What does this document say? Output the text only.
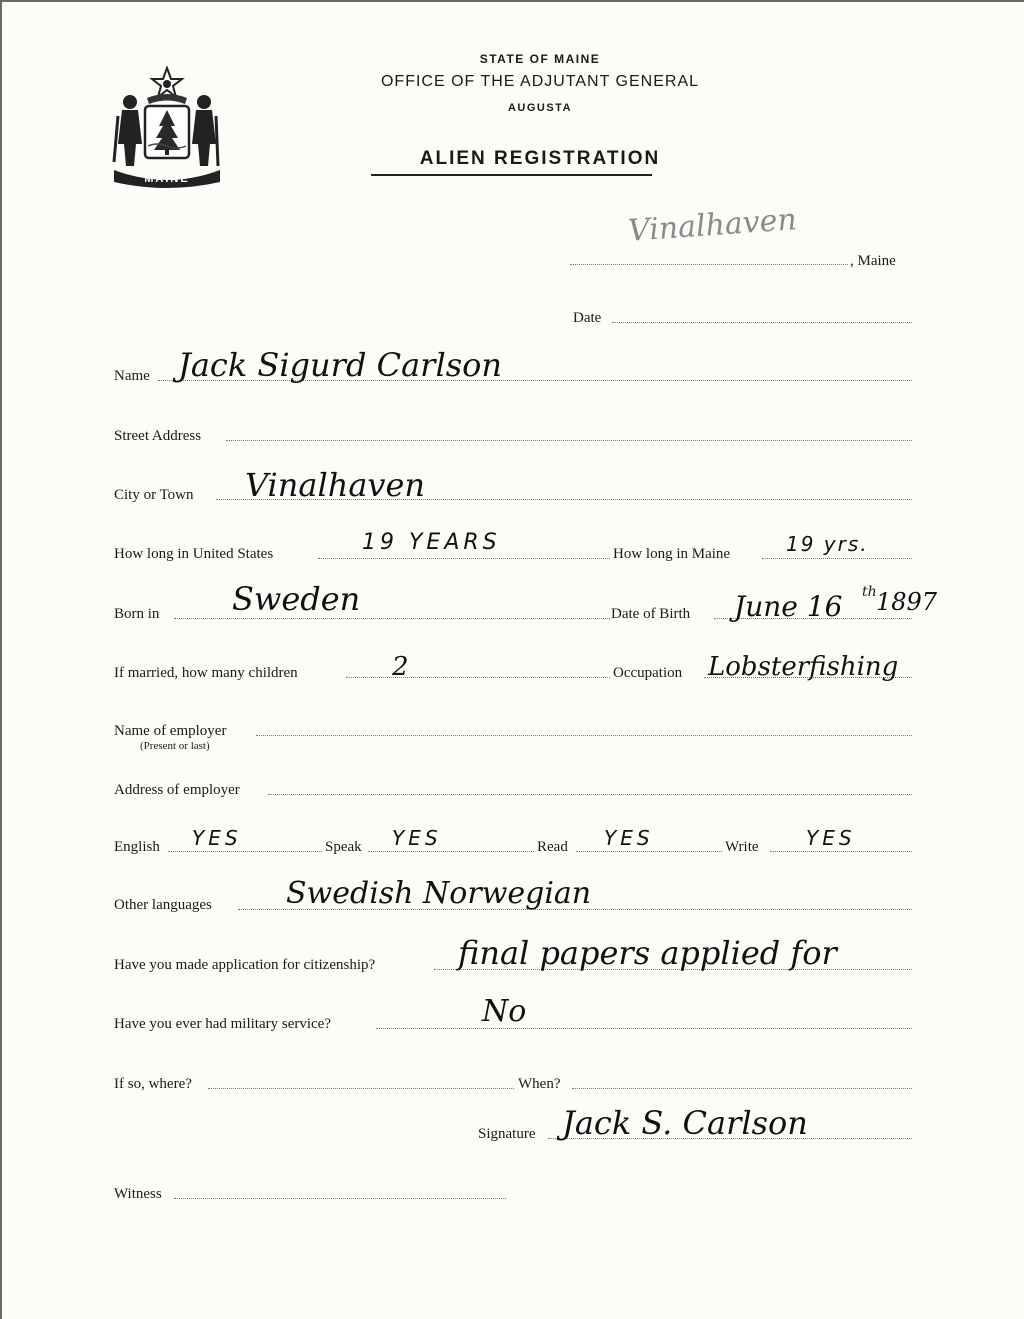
MAINE
STATE OF MAINE
OFFICE OF THE ADJUTANT GENERAL
AUGUSTA
ALIEN REGISTRATION
Vinalhaven
, Maine
Date
Name Jack Sigurd Carlson
Street Address
City or Town Vinalhaven
How long in United States	19 YEARS	How long in Maine	19 yrs.
Born in Sweden	Date of Birth June 16 th 1897
If married, how many children	2	Occupation Lobsterfishing
Name of employer
(Present or last)
Address of employer
English YES	Speak YES	Read YES	Write YES
Other languages Swedish Norwegian
Have you made application for citizenship?	final papers applied for
Have you ever had military service?	No
If so, where?	When?
Signature Jack S. Carlson
Witness
